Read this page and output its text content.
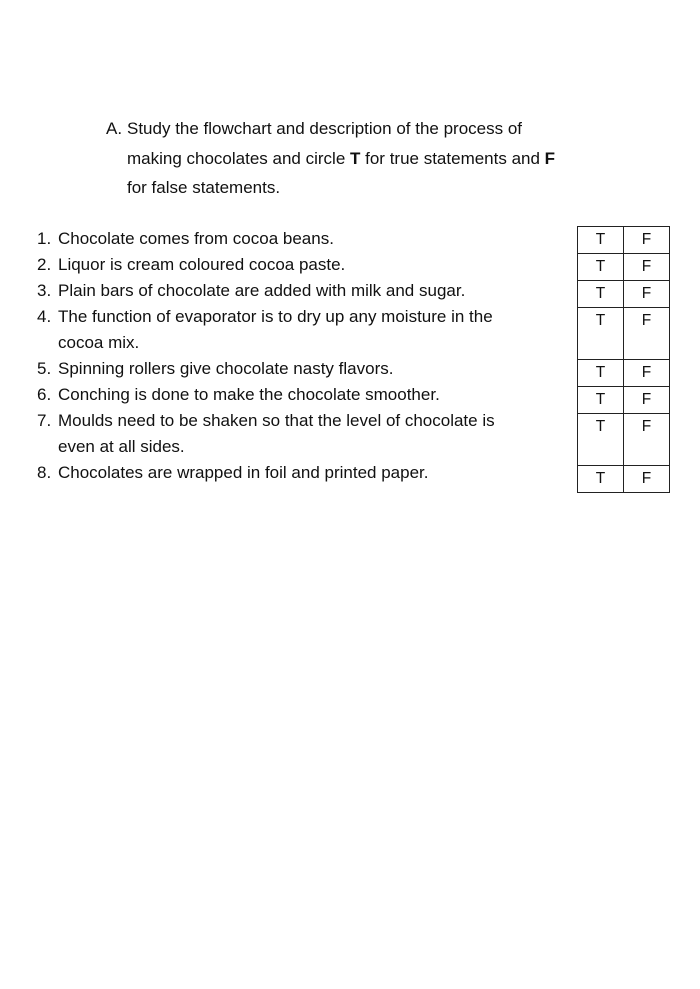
A. Study the flowchart and description of the process of
making chocolates and circle T for true statements and F
for false statements.
1. Chocolate comes from cocoa beans.
2. Liquor is cream coloured cocoa paste.
3. Plain bars of chocolate are added with milk and sugar.
4. The function of evaporator is to dry up any moisture in the
cocoa mix.
5. Spinning rollers give chocolate nasty flavors.
6. Conching is done to make the chocolate smoother.
7. Moulds need to be shaken so that the level of chocolate is
even at all sides.
8. Chocolates are wrapped in foil and printed paper.
T	F
T	F
T	F
T	F
T	F
T	F
T	F
T	F
